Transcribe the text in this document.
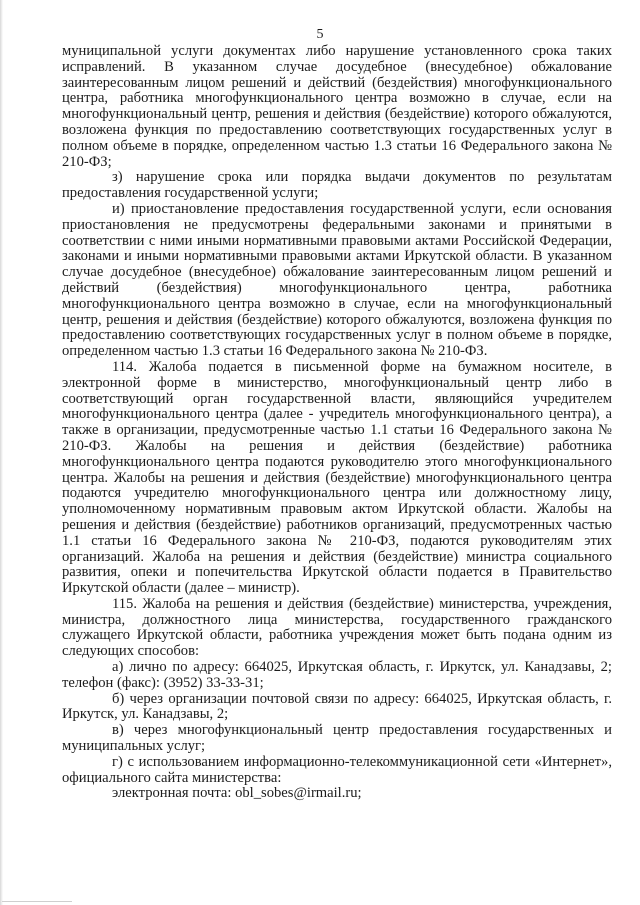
5

муниципальной услуги документах либо нарушение установленного срока таких исправлений. В указанном случае досудебное (внесудебное) обжалование заинтересованным лицом решений и действий (бездействия) многофункционального центра, работника многофункционального центра возможно в случае, если на многофункциональный центр, решения и действия (бездействие) которого обжалуются, возложена функция по предоставлению соответствующих государственных услуг в полном объеме в порядке, определенном частью 1.3 статьи 16 Федерального закона № 210-ФЗ;

з) нарушение срока или порядка выдачи документов по результатам предоставления государственной услуги;

и) приостановление предоставления государственной услуги, если основания приостановления не предусмотрены федеральными законами и принятыми в соответствии с ними иными нормативными правовыми актами Российской Федерации, законами и иными нормативными правовыми актами Иркутской области. В указанном случае досудебное (внесудебное) обжалование заинтересованным лицом решений и действий (бездействия) многофункционального центра, работника многофункционального центра возможно в случае, если на многофункциональный центр, решения и действия (бездействие) которого обжалуются, возложена функция по предоставлению соответствующих государственных услуг в полном объеме в порядке, определенном частью 1.3 статьи 16 Федерального закона № 210-ФЗ.

114. Жалоба подается в письменной форме на бумажном носителе, в электронной форме в министерство, многофункциональный центр либо в соответствующий орган государственной власти, являющийся учредителем многофункционального центра (далее - учредитель многофункционального центра), а также в организации, предусмотренные частью 1.1 статьи 16 Федерального закона № 210-ФЗ. Жалобы на решения и действия (бездействие) работника многофункционального центра подаются руководителю этого многофункционального центра. Жалобы на решения и действия (бездействие) многофункционального центра подаются учредителю многофункционального центра или должностному лицу, уполномоченному нормативным правовым актом Иркутской области. Жалобы на решения и действия (бездействие) работников организаций, предусмотренных частью 1.1 статьи 16 Федерального закона № 210-ФЗ, подаются руководителям этих организаций. Жалоба на решения и действия (бездействие) министра социального развития, опеки и попечительства Иркутской области подается в Правительство Иркутской области (далее – министр).

115. Жалоба на решения и действия (бездействие) министерства, учреждения, министра, должностного лица министерства, государственного гражданского служащего Иркутской области, работника учреждения может быть подана одним из следующих способов:

а) лично по адресу: 664025, Иркутская область, г. Иркутск, ул. Канадзавы, 2; телефон (факс): (3952) 33-33-31;

б) через организации почтовой связи по адресу: 664025, Иркутская область, г. Иркутск, ул. Канадзавы, 2;

в) через многофункциональный центр предоставления государственных и муниципальных услуг;

г) с использованием информационно-телекоммуникационной сети «Интернет», официального сайта министерства:

электронная почта: obl_sobes@irmail.ru;
